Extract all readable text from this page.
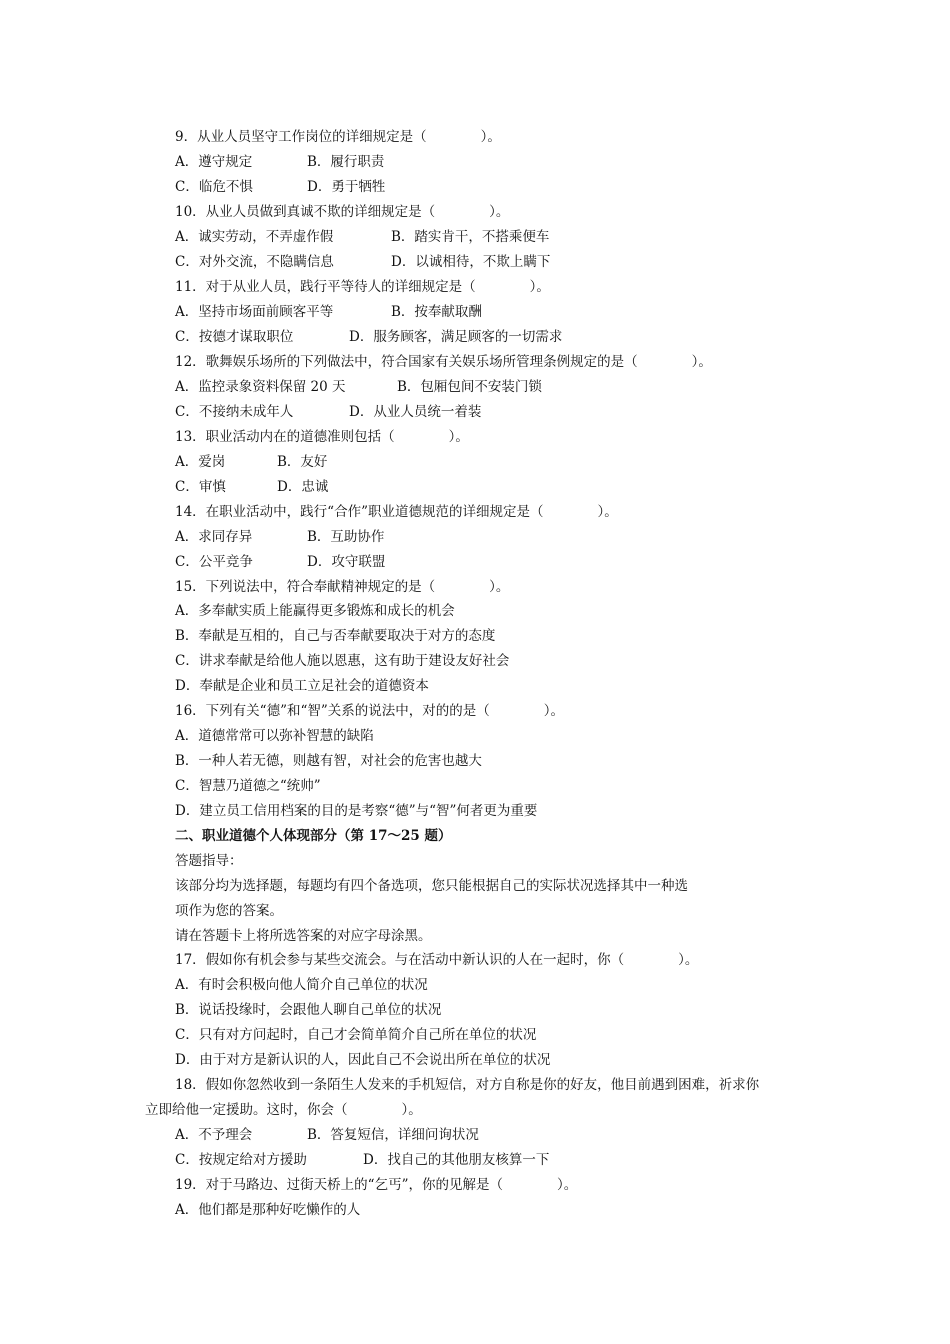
9．从业人员坚守工作岗位的详细规定是（　　　　）。
A．遵守规定	B．履行职责
C．临危不惧	D．勇于牺牲
10．从业人员做到真诚不欺的详细规定是（　　　　）。
A．诚实劳动，不弄虚作假	B．踏实肯干，不搭乘便车
C．对外交流，不隐瞒信息	D．以诚相待，不欺上瞒下
11．对于从业人员，践行平等待人的详细规定是（　　　　）。
A．坚持市场面前顾客平等	B．按奉献取酬
C．按德才谋取职位	D．服务顾客，满足顾客的一切需求
12．歌舞娱乐场所的下列做法中，符合国家有关娱乐场所管理条例规定的是（　　　　）。
A．监控录象资料保留 20 天	B．包厢包间不安装门锁
C．不接纳未成年人	D．从业人员统一着装
13．职业活动内在的道德准则包括（　　　　）。
A．爱岗	B．友好
C．审慎	D．忠诚
14．在职业活动中，践行“合作”职业道德规范的详细规定是（　　　　）。
A．求同存异	B．互助协作
C．公平竞争	D．攻守联盟
15．下列说法中，符合奉献精神规定的是（　　　　）。
A．多奉献实质上能赢得更多锻炼和成长的机会
B．奉献是互相的，自己与否奉献要取决于对方的态度
C．讲求奉献是给他人施以恩惠，这有助于建设友好社会
D．奉献是企业和员工立足社会的道德资本
16．下列有关“德”和“智”关系的说法中，对的的是（　　　　）。
A．道德常常可以弥补智慧的缺陷
B．一种人若无德，则越有智，对社会的危害也越大
C．智慧乃道德之“统帅”
D．建立员工信用档案的目的是考察“德”与“智”何者更为重要
二、职业道德个人体现部分（第 17～25 题）
答题指导：
该部分均为选择题，每题均有四个备选项，您只能根据自己的实际状况选择其中一种选
项作为您的答案。
请在答题卡上将所选答案的对应字母涂黑。
17．假如你有机会参与某些交流会。与在活动中新认识的人在一起时，你（　　　　）。
A．有时会积极向他人简介自己单位的状况
B．说话投缘时，会跟他人聊自己单位的状况
C．只有对方问起时，自己才会简单简介自己所在单位的状况
D．由于对方是新认识的人，因此自己不会说出所在单位的状况
18．假如你忽然收到一条陌生人发来的手机短信，对方自称是你的好友，他目前遇到困难，祈求你
立即给他一定援助。这时，你会（　　　　）。
A．不予理会	B．答复短信，详细问询状况
C．按规定给对方援助	D．找自己的其他朋友核算一下
19．对于马路边、过街天桥上的“乞丐”，你的见解是（　　　　）。
A．他们都是那种好吃懒作的人
